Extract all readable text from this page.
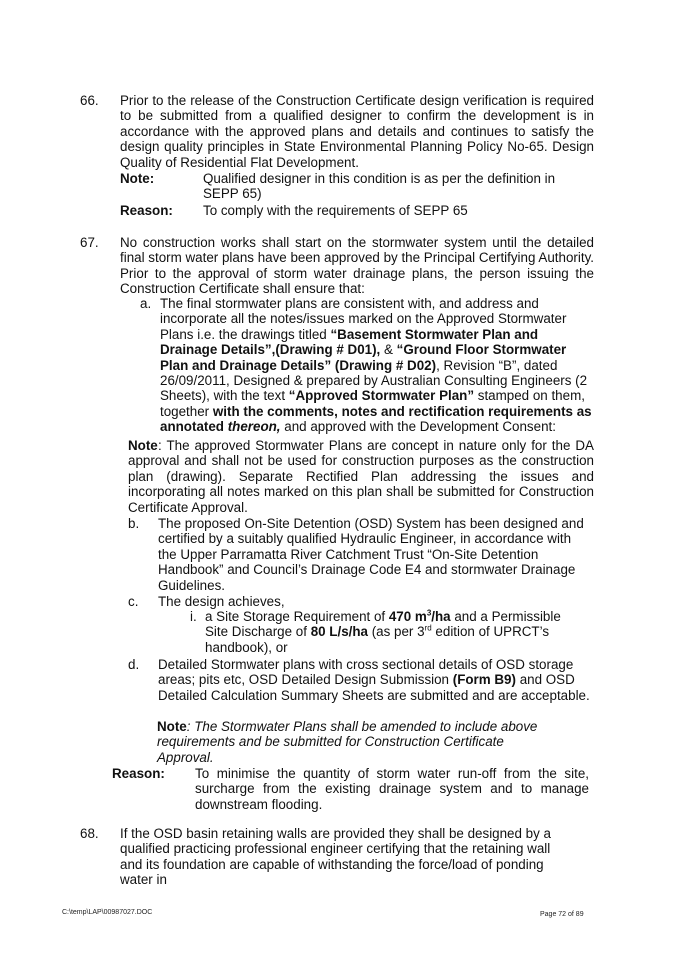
66. Prior to the release of the Construction Certificate design verification is required to be submitted from a qualified designer to confirm the development is in accordance with the approved plans and details and continues to satisfy the design quality principles in State Environmental Planning Policy No-65. Design Quality of Residential Flat Development.
Note:	Qualified designer in this condition is as per the definition in SEPP 65)
Reason: To comply with the requirements of SEPP 65
67. No construction works shall start on the stormwater system until the detailed final storm water plans have been approved by the Principal Certifying Authority. Prior to the approval of storm water drainage plans, the person issuing the Construction Certificate shall ensure that:
a. The final stormwater plans are consistent with, and address and incorporate all the notes/issues marked on the Approved Stormwater Plans i.e. the drawings titled “Basement Stormwater Plan and Drainage Details”,(Drawing # D01), & “Ground Floor Stormwater Plan and Drainage Details” (Drawing # D02), Revision “B”, dated 26/09/2011, Designed & prepared by Australian Consulting Engineers (2 Sheets), with the text “Approved Stormwater Plan” stamped on them, together with the comments, notes and rectification requirements as annotated thereon, and approved with the Development Consent:
Note : The approved Stormwater Plans are concept in nature only for the DA approval and shall not be used for construction purposes as the construction plan (drawing). Separate Rectified Plan addressing the issues and incorporating all notes marked on this plan shall be submitted for Construction Certificate Approval.
b. The proposed On-Site Detention (OSD) System has been designed and certified by a suitably qualified Hydraulic Engineer, in accordance with the Upper Parramatta River Catchment Trust “On-Site Detention Handbook” and Council’s Drainage Code E4 and stormwater Drainage Guidelines.
c. The design achieves,
i. a Site Storage Requirement of 470 $m^3/ha$ and a Permissible Site Discharge of 80 L/s/ha (as per 3rd edition of UPRCT’s handbook), or
d. Detailed Stormwater plans with cross sectional details of OSD storage areas; pits etc, OSD Detailed Design Submission (Form B9) and OSD Detailed Calculation Summary Sheets are submitted and are acceptable.
Note : The Stormwater Plans shall be amended to include above requirements and be submitted for Construction Certificate Approval.
Reason: To minimise the quantity of storm water run-off from the site, surcharge from the existing drainage system and to manage downstream flooding.
68. If the OSD basin retaining walls are provided they shall be designed by a qualified practicing professional engineer certifying that the retaining wall and its foundation are capable of withstanding the force/load of ponding water in
C:\temp\LAP\00987027.DOC	Page 72 of 89
